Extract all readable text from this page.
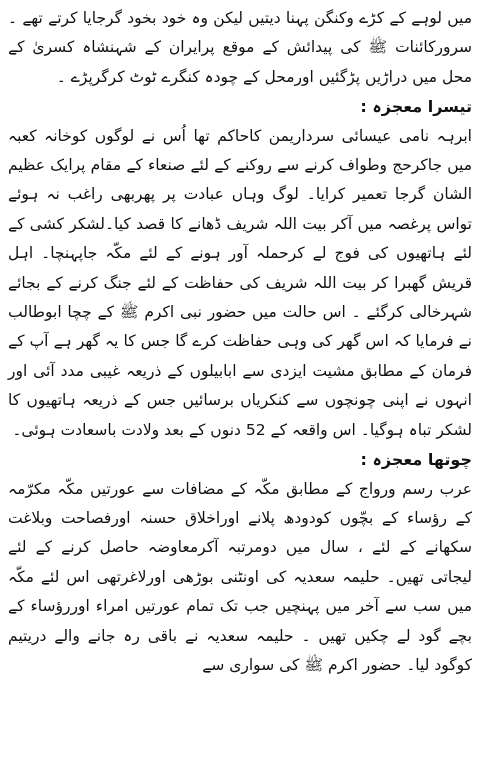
میں لوہے کے کڑے وکنگن پہنا دیتیں لیکن وہ خود بخود گرجایا کرتے تھے ۔ سرورکائنات ﷺ کی پیدائش کے موقع پرایران کے شہنشاہ کسریٰ کے محل میں دراڑیں پڑگئیں اورمحل کے چودہ کنگرے ٹوٹ کرگرپڑے ۔

تیسرا معجزہ :

ابرہہ نامی عیسائی سرداریمن کاحاکم تھا اُس نے لوگوں کوخانہ کعبہ میں جاکرحج وطواف کرنے سے روکنے کے لئے صنعاء کے مقام پرایک عظیم الشان گرجا تعمیر کرایا۔ لوگ وہاں عبادت پر پھربھی راغب نہ ہوئے تواس پرغصہ میں آکر بیت اللہ شریف ڈھانے کا قصد کیا۔لشکر کشی کے لئے ہاتھیوں کی فوج لے کرحملہ آور ہونے کے لئے مکّہ جاپہنچا۔ اہل قریش گھبرا کر بیت اللہ شریف کی حفاظت کے لئے جنگ کرنے کے بجائے شہرخالی کرگئے ۔ اس حالت میں حضور نبی اکرم ﷺ کے چچا ابوطالب نے فرمایا کہ اس گھر کی وہی حفاظت کرے گا جس کا یہ گھر ہے آپ کے فرمان کے مطابق مشیت ایزدی سے ابابیلوں کے ذریعہ غیبی مدد آئی اور انہوں نے اپنی چونچوں سے کنکریاں برسائیں جس کے ذریعہ ہاتھیوں کا لشکر تباہ ہوگیا۔ اس واقعہ کے 52 دنوں کے بعد ولادت باسعادت ہوئی۔

چوتھا معجزہ :

عرب رسم ورواج کے مطابق مکّہ کے مضافات سے عورتیں مکّہ مکرّمہ کے رؤساء کے بچّوں کودودھ پلانے اوراخلاق حسنہ اورفصاحت وبلاغت سکھانے کے لئے ، سال میں دومرتبہ آکرمعاوضہ حاصل کرنے کے لئے لیجاتی تھیں۔ حلیمہ سعدیہ کی اونٹنی بوڑھی اورلاغرتھی اس لئے مکّہ میں سب سے آخر میں پہنچیں جب تک تمام عورتیں امراء اوررؤساء کے بچے گود لے چکیں تھیں ۔ حلیمہ سعدیہ نے باقی رہ جانے والے دریتیم کوگود لیا۔ حضور اکرم ﷺ کی سواری سے
